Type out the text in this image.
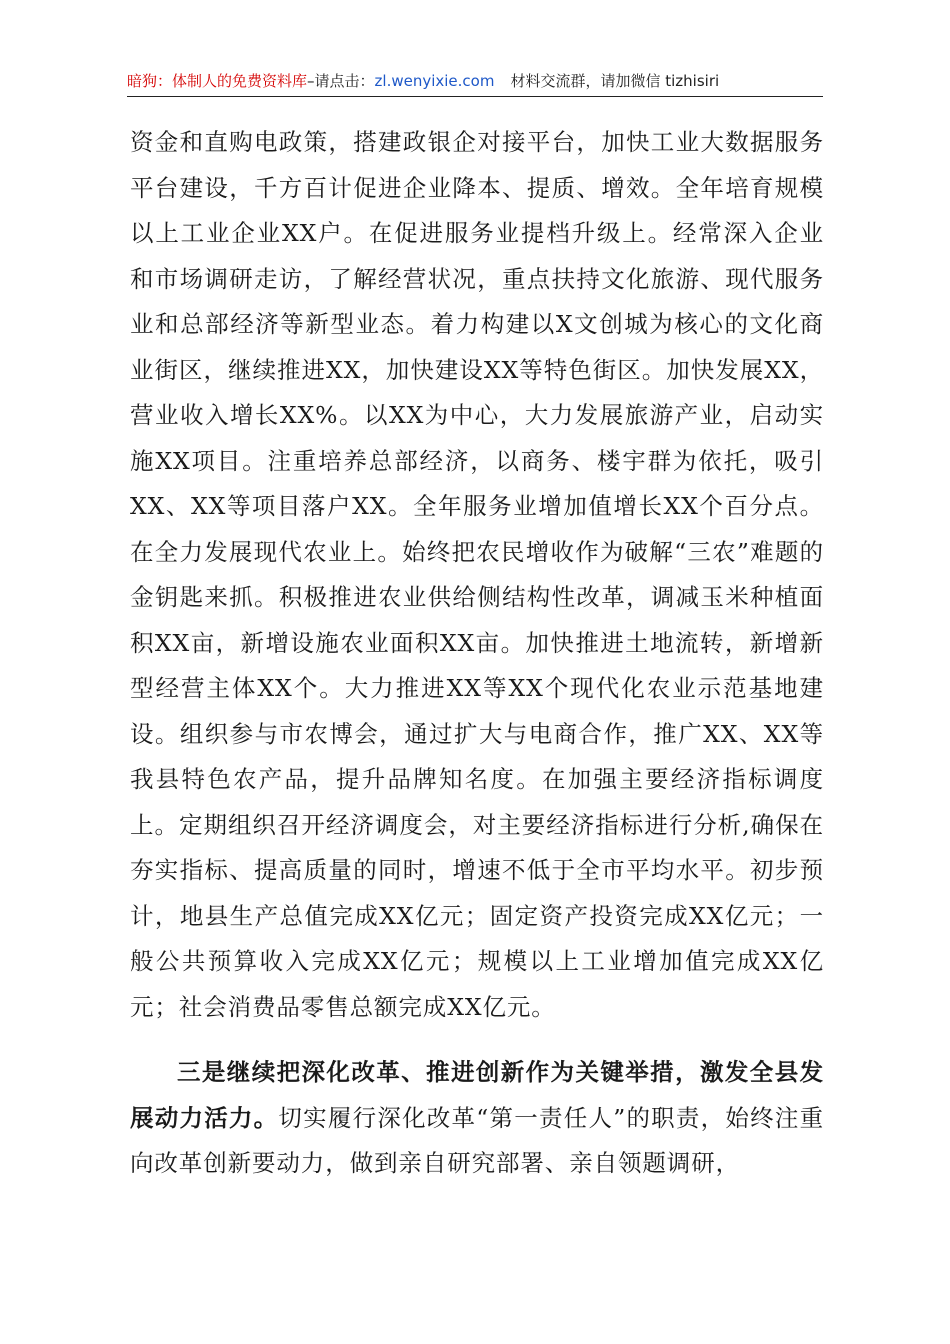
暗狗：体制人的免费资料库–请点击：zl.wenyixie.com 材料交流群，请加微信 tizhisiri

资金和直购电政策，搭建政银企对接平台，加快工业大数据服务平台建设，千方百计促进企业降本、提质、增效。全年培育规模以上工业企业XX户。在促进服务业提档升级上。经常深入企业和市场调研走访，了解经营状况，重点扶持文化旅游、现代服务业和总部经济等新型业态。着力构建以X文创城为核心的文化商业街区，继续推进XX，加快建设XX等特色街区。加快发展XX，营业收入增长XX%。以XX为中心，大力发展旅游产业，启动实施XX项目。注重培养总部经济，以商务、楼宇群为依托，吸引XX、XX等项目落户XX。全年服务业增加值增长XX个百分点。在全力发展现代农业上。始终把农民增收作为破解“三农”难题的金钥匙来抓。积极推进农业供给侧结构性改革，调减玉米种植面积XX亩，新增设施农业面积XX亩。加快推进土地流转，新增新型经营主体XX个。大力推进XX等XX个现代化农业示范基地建设。组织参与市农博会，通过扩大与电商合作，推广XX、XX等我县特色农产品，提升品牌知名度。在加强主要经济指标调度上。定期组织召开经济调度会，对主要经济指标进行分析,确保在夯实指标、提高质量的同时，增速不低于全市平均水平。初步预计，地县生产总值完成XX亿元；固定资产投资完成XX亿元；一般公共预算收入完成XX亿元；规模以上工业增加值完成XX亿元；社会消费品零售总额完成XX亿元。

三是继续把深化改革、推进创新作为关键举措，激发全县发展动力活力。切实履行深化改革“第一责任人”的职责，始终注重向改革创新要动力，做到亲自研究部署、亲自领题调研，
